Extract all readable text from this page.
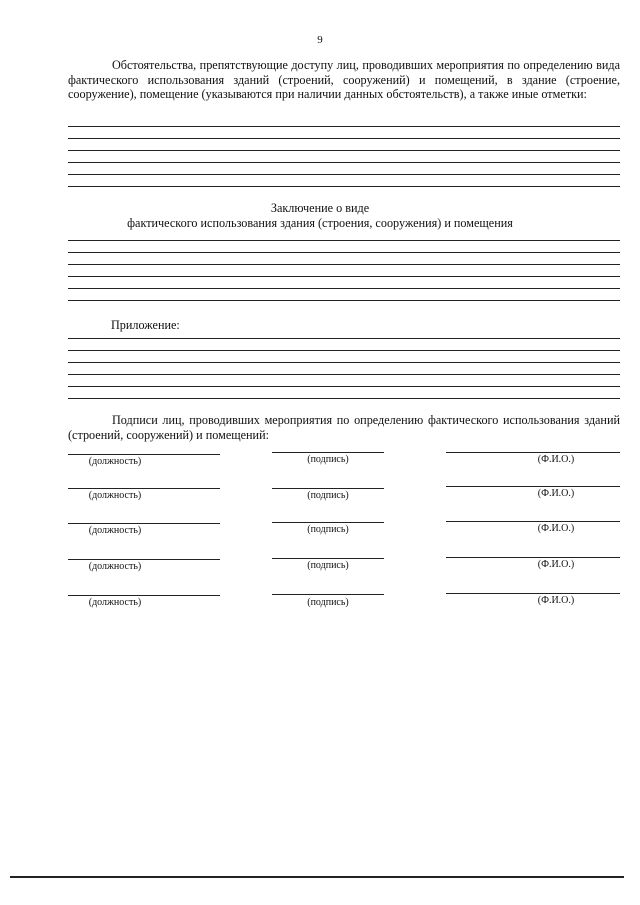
9
Обстоятельства, препятствующие доступу лиц, проводивших мероприятия по определению вида фактического использования зданий (строений, сооружений) и помещений, в здание (строение, сооружение), помещение (указываются при наличии данных обстоятельств), а также иные отметки:
Заключение о виде
фактического использования здания (строения, сооружения) и помещения
Приложение:
Подписи лиц, проводивших мероприятия по определению фактического использования зданий (строений, сооружений) и помещений:
(должность)	(подпись)	(Ф.И.О.)
(должность)	(подпись)	(Ф.И.О.)
(должность)	(подпись)	(Ф.И.О.)
(должность)	(подпись)	(Ф.И.О.)
(должность)	(подпись)	(Ф.И.О.)
